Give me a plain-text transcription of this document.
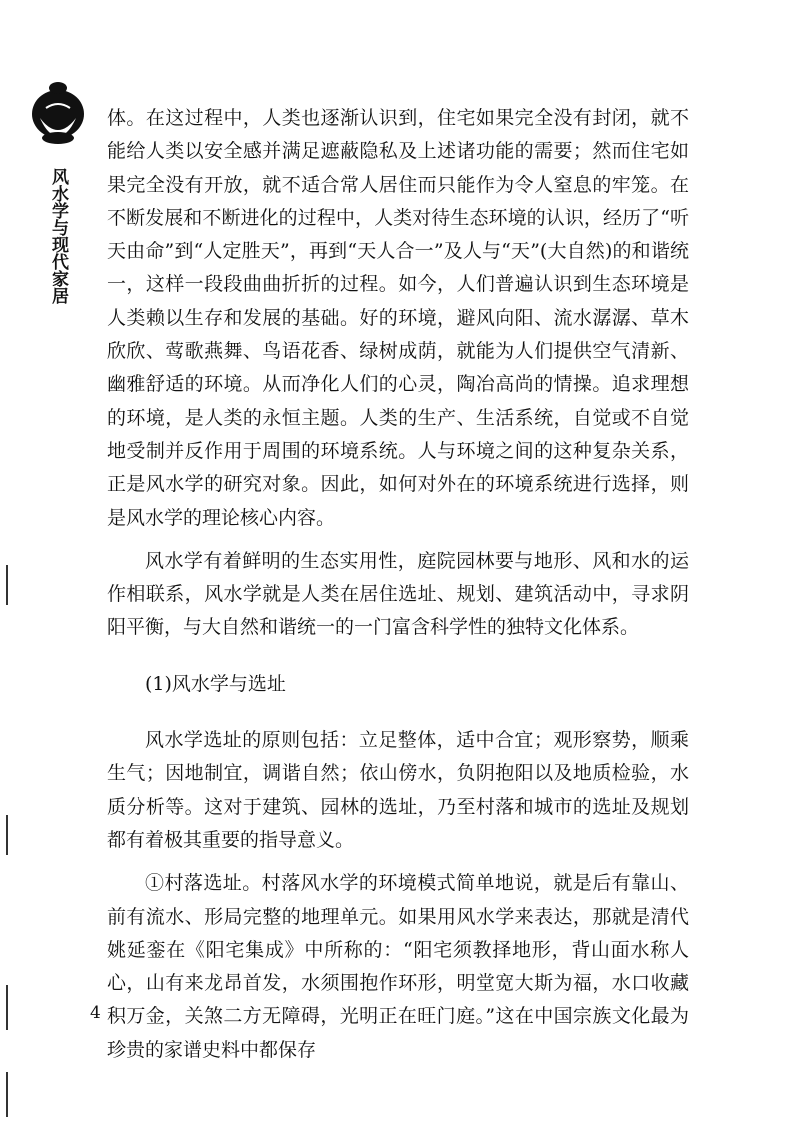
风水学与现代家居

体。在这过程中，人类也逐渐认识到，住宅如果完全没有封闭，就不能给人类以安全感并满足遮蔽隐私及上述诸功能的需要；然而住宅如果完全没有开放，就不适合常人居住而只能作为令人窒息的牢笼。在不断发展和不断进化的过程中，人类对待生态环境的认识，经历了“听天由命”到“人定胜天”，再到“天人合一”及人与“天”(大自然)的和谐统一，这样一段段曲曲折折的过程。如今，人们普遍认识到生态环境是人类赖以生存和发展的基础。好的环境，避风向阳、流水潺潺、草木欣欣、莺歌燕舞、鸟语花香、绿树成荫，就能为人们提供空气清新、幽雅舒适的环境。从而净化人们的心灵，陶冶高尚的情操。追求理想的环境，是人类的永恒主题。人类的生产、生活系统，自觉或不自觉地受制并反作用于周围的环境系统。人与环境之间的这种复杂关系，正是风水学的研究对象。因此，如何对外在的环境系统进行选择，则是风水学的理论核心内容。

风水学有着鲜明的生态实用性，庭院园林要与地形、风和水的运作相联系，风水学就是人类在居住选址、规划、建筑活动中，寻求阴阳平衡，与大自然和谐统一的一门富含科学性的独特文化体系。

(1)风水学与选址

风水学选址的原则包括：立足整体，适中合宜；观形察势，顺乘生气；因地制宜，调谐自然；依山傍水，负阴抱阳以及地质检验，水质分析等。这对于建筑、园林的选址，乃至村落和城市的选址及规划都有着极其重要的指导意义。

①村落选址。村落风水学的环境模式简单地说，就是后有靠山、前有流水、形局完整的地理单元。如果用风水学来表达，那就是清代姚延銮在《阳宅集成》中所称的：“阳宅须教择地形，背山面水称人心，山有来龙昂首发，水须围抱作环形，明堂宽大斯为福，水口收藏积万金，关煞二方无障碍，光明正在旺门庭。”这在中国宗族文化最为珍贵的家谱史料中都保存

4
